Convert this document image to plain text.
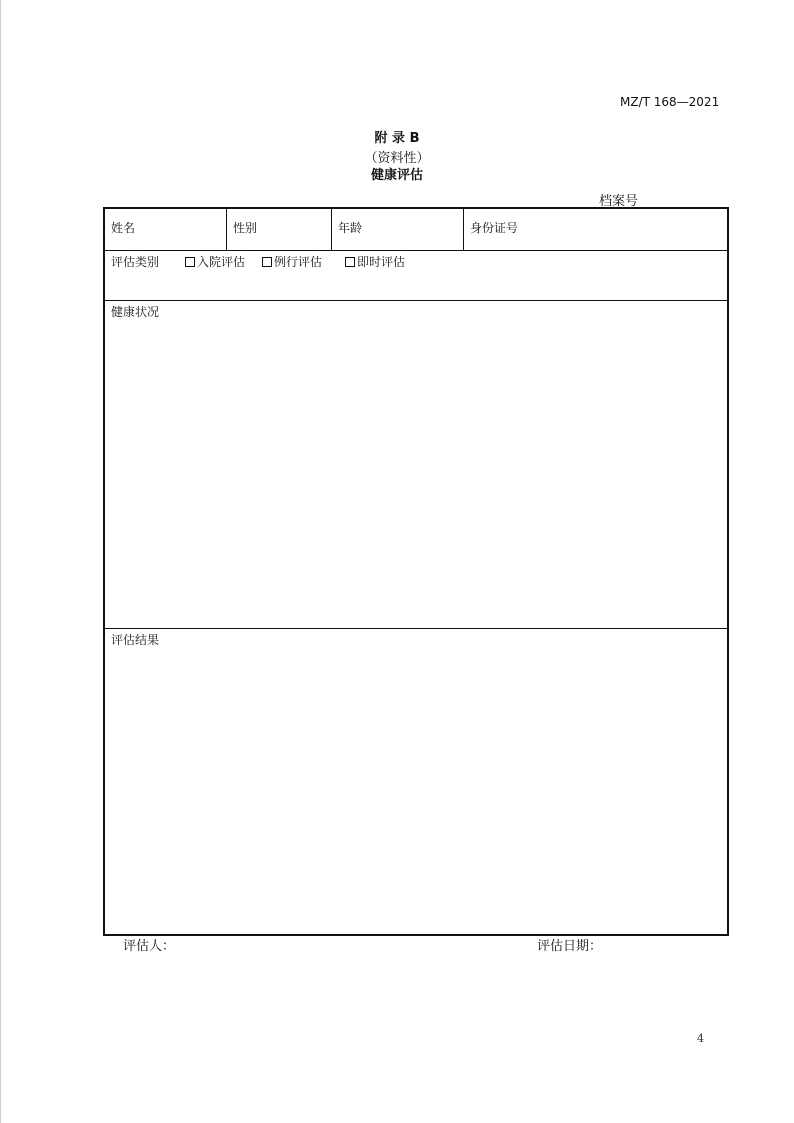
MZ/T 168—2021
附 录 B
（资料性）
健康评估
档案号
姓名	性别	年龄	身份证号
评估类别	入院评估 例行评估	即时评估
健康状况
评估结果
评估人：	评估日期：
4
